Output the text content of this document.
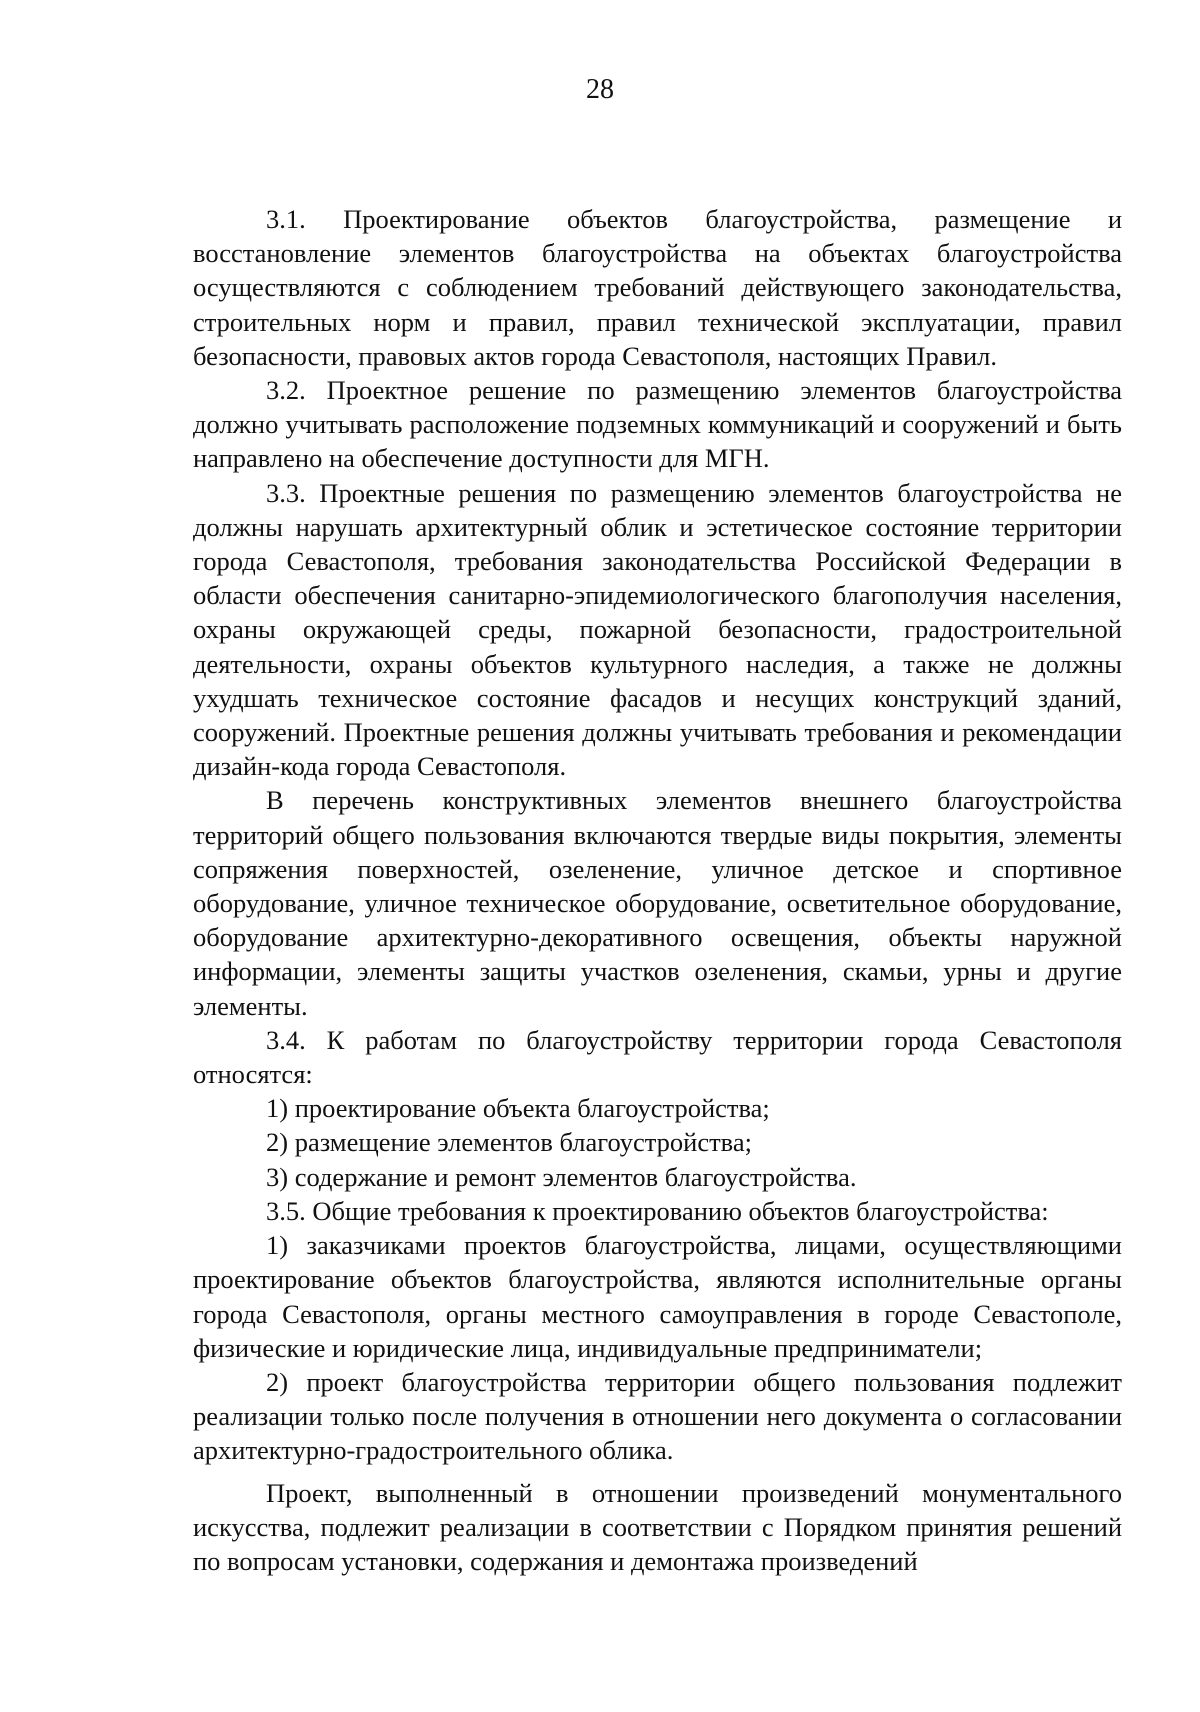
28

3.1. Проектирование объектов благоустройства, размещение и восстановление элементов благоустройства на объектах благоустройства осуществляются с соблюдением требований действующего законодательства, строительных норм и правил, правил технической эксплуатации, правил безопасности, правовых актов города Севастополя, настоящих Правил.

3.2. Проектное решение по размещению элементов благоустройства должно учитывать расположение подземных коммуникаций и сооружений и быть направлено на обеспечение доступности для МГН.

3.3. Проектные решения по размещению элементов благоустройства не должны нарушать архитектурный облик и эстетическое состояние территории города Севастополя, требования законодательства Российской Федерации в области обеспечения санитарно-эпидемиологического благополучия населения, охраны окружающей среды, пожарной безопасности, градостроительной деятельности, охраны объектов культурного наследия, а также не должны ухудшать техническое состояние фасадов и несущих конструкций зданий, сооружений. Проектные решения должны учитывать требования и рекомендации дизайн-кода города Севастополя.

В перечень конструктивных элементов внешнего благоустройства территорий общего пользования включаются твердые виды покрытия, элементы сопряжения поверхностей, озеленение, уличное детское и спортивное оборудование, уличное техническое оборудование, осветительное оборудование, оборудование архитектурно-декоративного освещения, объекты наружной информации, элементы защиты участков озеленения, скамьи, урны и другие элементы.

3.4. К работам по благоустройству территории города Севастополя относятся:

1) проектирование объекта благоустройства;

2) размещение элементов благоустройства;

3) содержание и ремонт элементов благоустройства.

3.5. Общие требования к проектированию объектов благоустройства:

1) заказчиками проектов благоустройства, лицами, осуществляющими проектирование объектов благоустройства, являются исполнительные органы города Севастополя, органы местного самоуправления в городе Севастополе, физические и юридические лица, индивидуальные предприниматели;

2) проект благоустройства территории общего пользования подлежит реализации только после получения в отношении него документа о согласовании архитектурно-градостроительного облика.

Проект, выполненный в отношении произведений монументального искусства, подлежит реализации в соответствии с Порядком принятия решений по вопросам установки, содержания и демонтажа произведений
